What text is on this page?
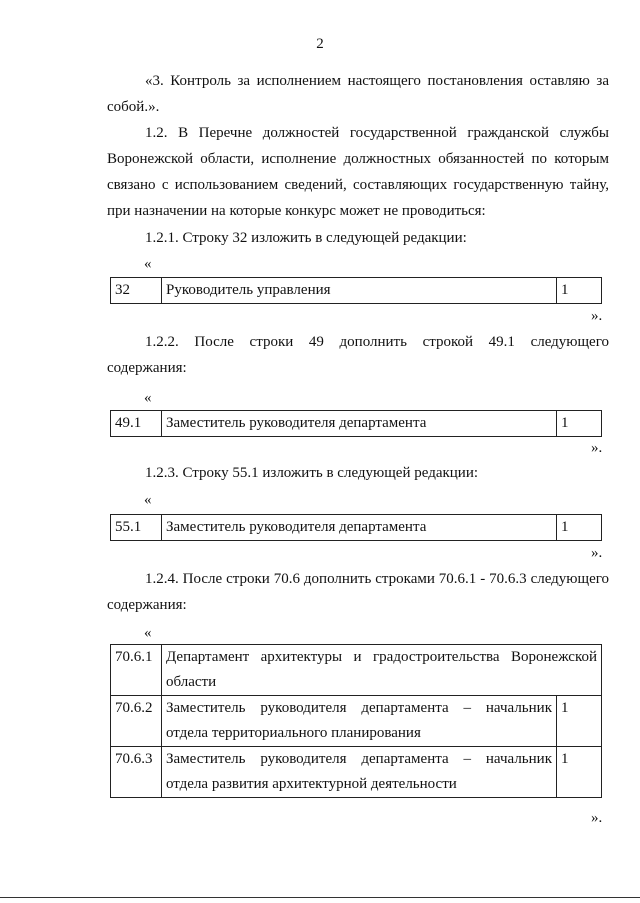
2

«3. Контроль за исполнением настоящего постановления оставляю за собой.».

1.2. В Перечне должностей государственной гражданской службы Воронежской области, исполнение должностных обязанностей по которым связано с использованием сведений, составляющих государственную тайну, при назначении на которые конкурс может не проводиться:

1.2.1. Строку 32 изложить в следующей редакции:
«
32	Руководитель управления	1
».

1.2.2. После строки 49 дополнить строкой 49.1 следующего содержания:

«
49.1	Заместитель руководителя департамента	1
».
1.2.3. Строку 55.1 изложить в следующей редакции:
«
55.1	Заместитель руководителя департамента	1
».

1.2.4. После строки 70.6 дополнить строками 70.6.1 - 70.6.3 следующего содержания:

«
70.6.1	Департамент архитектуры и градостроительства Воронежской области	
70.6.2	Заместитель руководителя департамента – начальник отдела территориального планирования	1
70.6.3	Заместитель руководителя департамента – начальник отдела развития архитектурной деятельности	1
».
